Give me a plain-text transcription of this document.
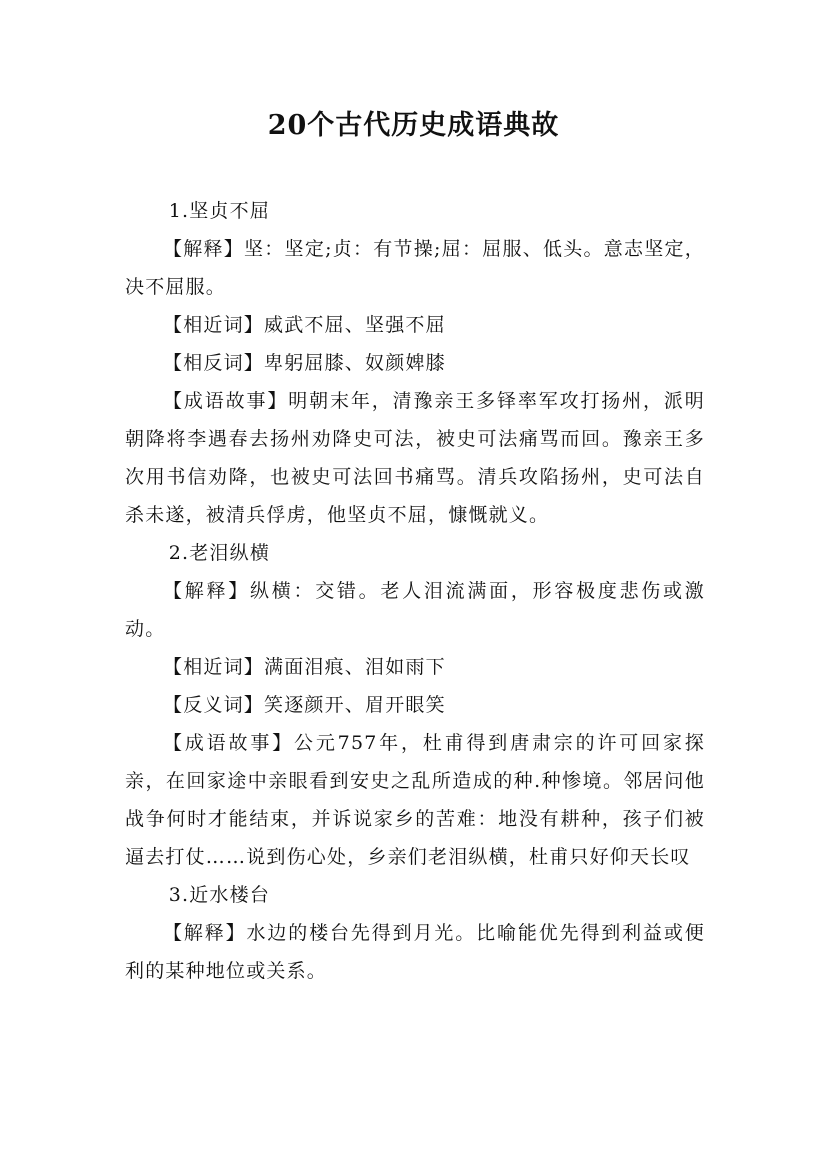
20个古代历史成语典故

1.坚贞不屈

【解释】坚：坚定;贞：有节操;屈：屈服、低头。意志坚定，决不屈服。

【相近词】威武不屈、坚强不屈

【相反词】卑躬屈膝、奴颜婢膝

【成语故事】明朝末年，清豫亲王多铎率军攻打扬州，派明朝降将李遇春去扬州劝降史可法，被史可法痛骂而回。豫亲王多次用书信劝降，也被史可法回书痛骂。清兵攻陷扬州，史可法自杀未遂，被清兵俘虏，他坚贞不屈，慷慨就义。

2.老泪纵横

【解释】纵横：交错。老人泪流满面，形容极度悲伤或激动。

【相近词】满面泪痕、泪如雨下

【反义词】笑逐颜开、眉开眼笑

【成语故事】公元757年，杜甫得到唐肃宗的许可回家探亲，在回家途中亲眼看到安史之乱所造成的种.种惨境。邻居问他战争何时才能结束，并诉说家乡的苦难：地没有耕种，孩子们被逼去打仗……说到伤心处，乡亲们老泪纵横，杜甫只好仰天长叹

3.近水楼台

【解释】水边的楼台先得到月光。比喻能优先得到利益或便利的某种地位或关系。
